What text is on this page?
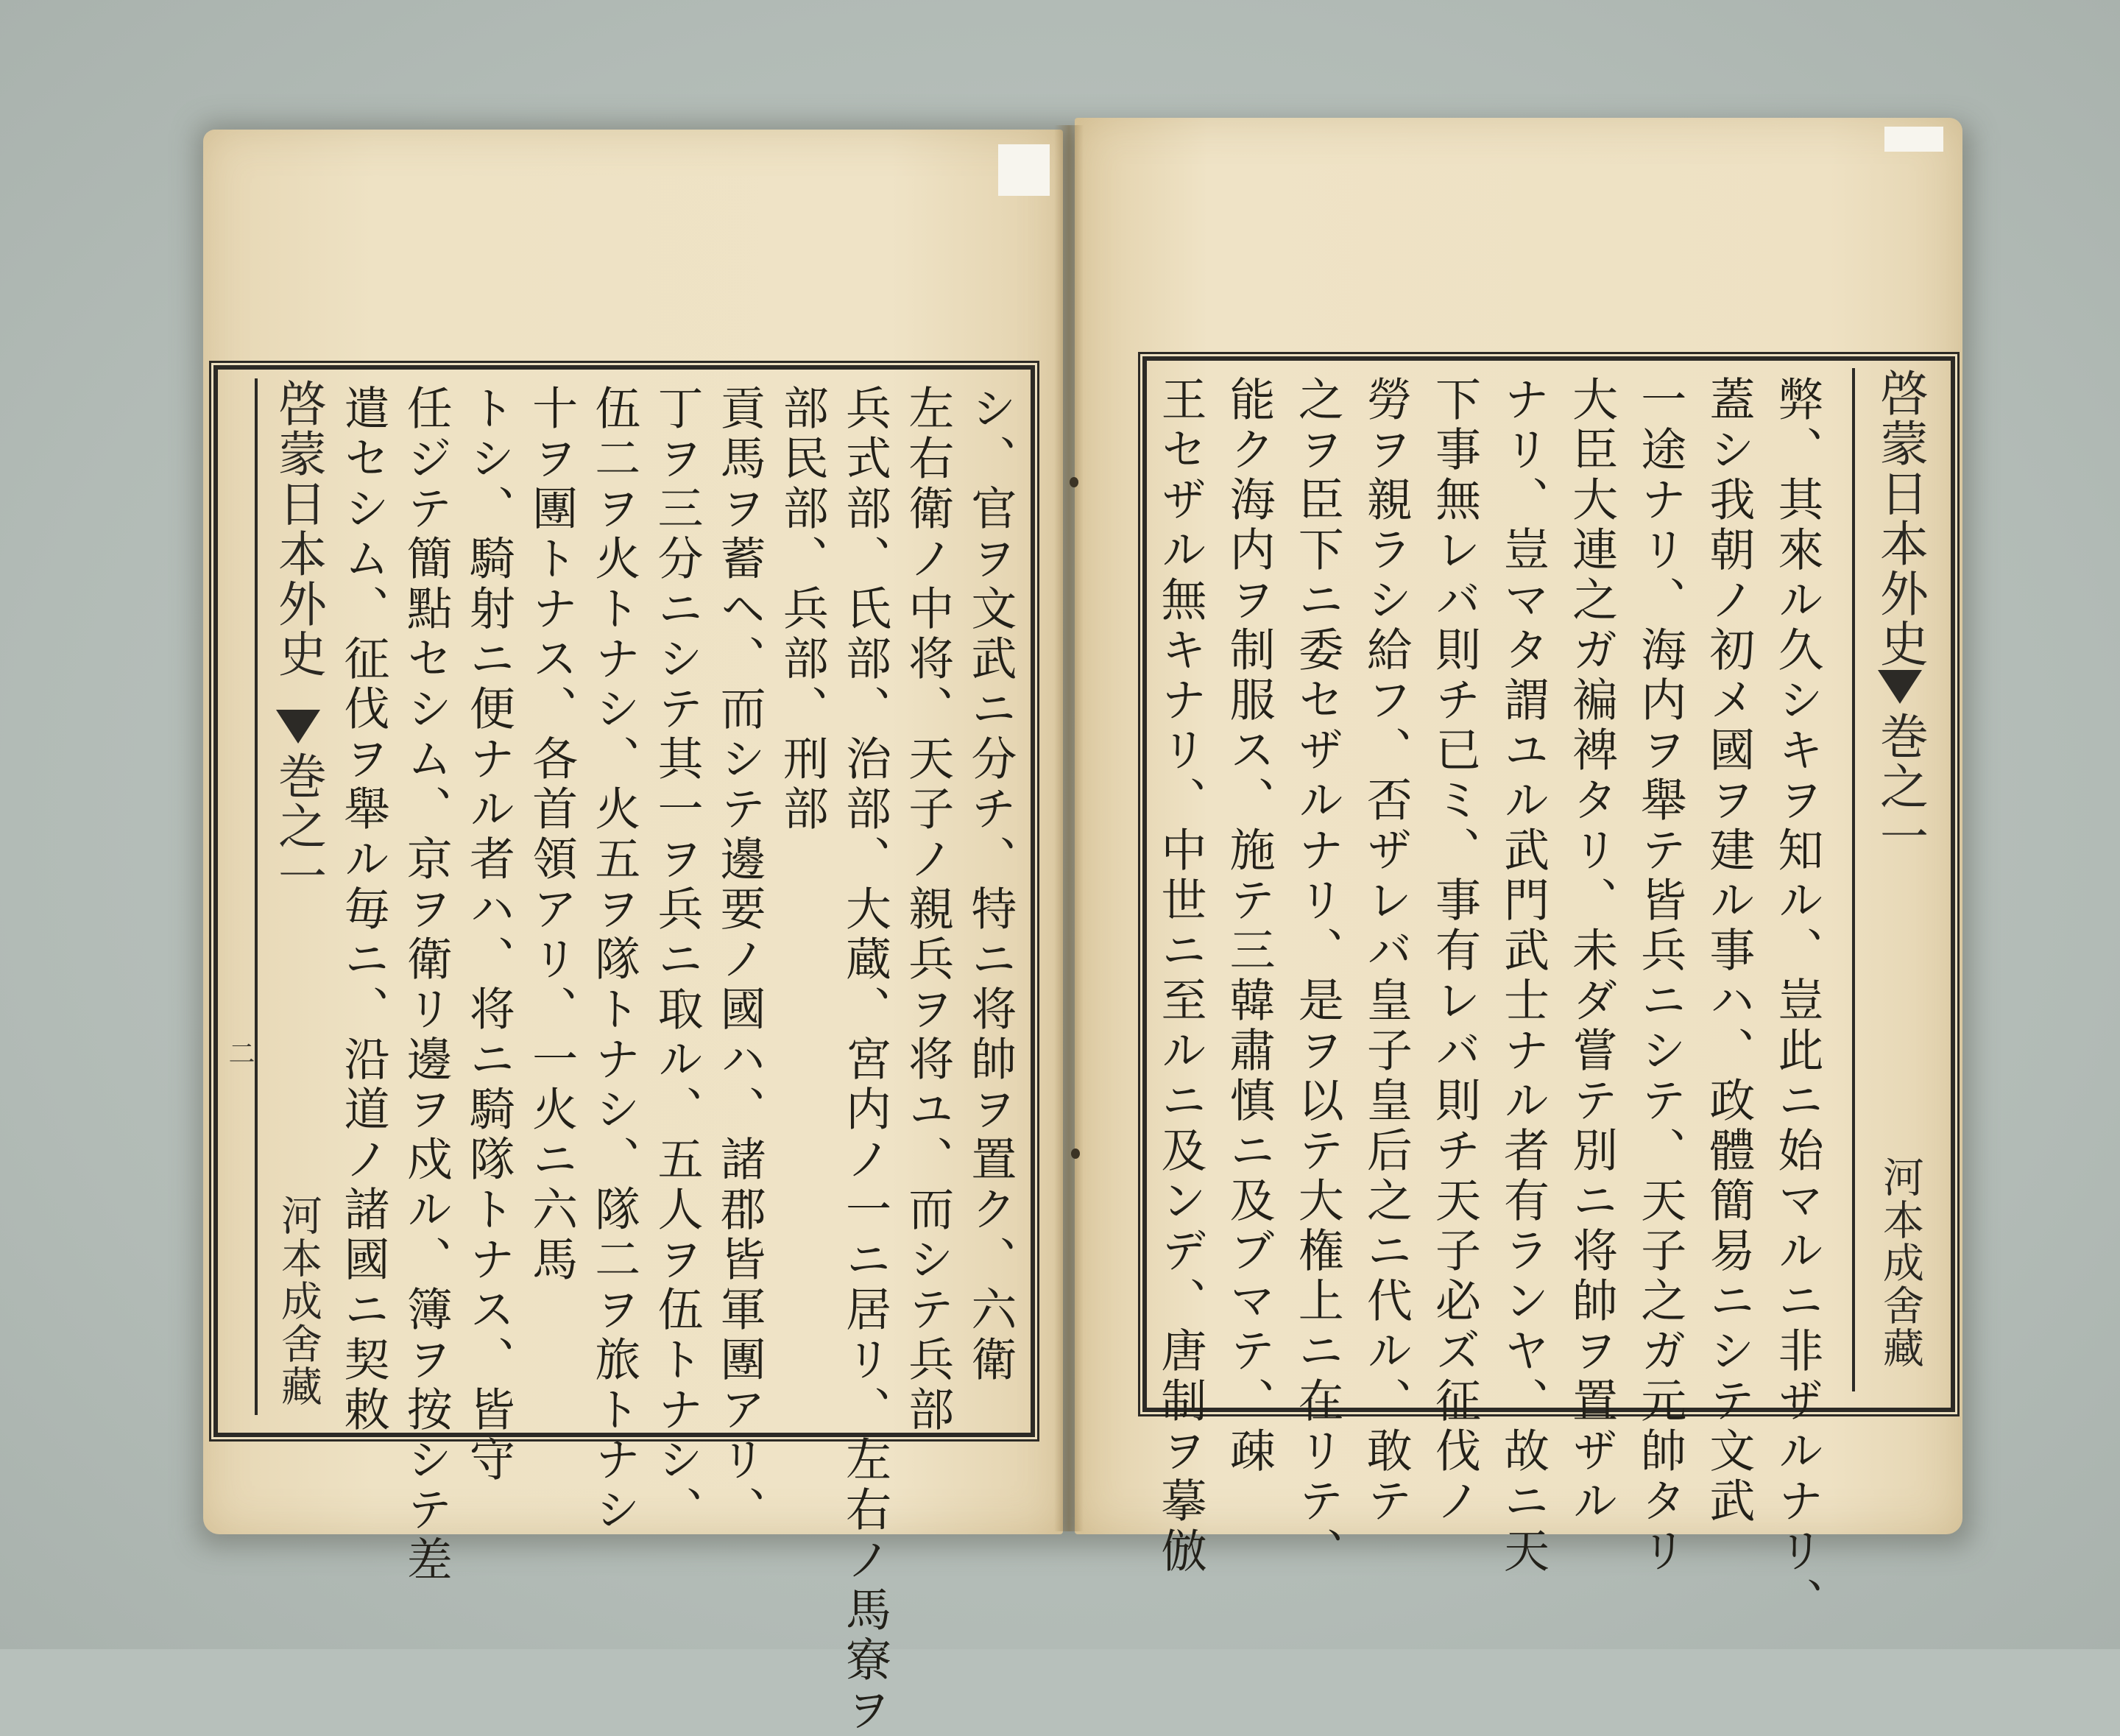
啓蒙日本外史
巻之一
河本成舍藏
二	シ、官ヲ文武ニ分チ、特ニ将帥ヲ置ク、六衛
左右衛ノ中将、天子ノ親兵ヲ将ユ、而シテ兵部
兵式部、氏部、治部、大蔵、宮内ノ一ニ居リ、左右ノ馬寮ヲ
部民部、兵部、刑部
貢馬ヲ蓄ヘ、而シテ邊要ノ國ハ、諸郡皆軍團アリ、
丁ヲ三分ニシテ其一ヲ兵ニ取ル、五人ヲ伍トナシ、
伍二ヲ火トナシ、火五ヲ隊トナシ、隊二ヲ旅トナシ
十ヲ團トナス、各首領アリ、一火ニ六馬
トシ、騎射ニ便ナル者ハ、将ニ騎隊トナス、皆守
任ジテ簡點セシム、京ヲ衛リ邊ヲ戍ル、簿ヲ按シテ差
遣セシム、征伐ヲ舉ル毎ニ、沿道ノ諸國ニ契敕	啓蒙日本外史
巻之一
河本成舍藏
弊、其來ル久シキヲ知ル、豈此ニ始マルニ非ザルナリ、
蓋シ我朝ノ初メ國ヲ建ル事ハ、政體簡易ニシテ文武
一途ナリ、海内ヲ舉テ皆兵ニシテ、天子之ガ元帥タリ
大臣大連之ガ褊裨タリ、未ダ嘗テ別ニ将帥ヲ置ザル
ナリ、豈マタ謂ユル武門武士ナル者有ランヤ、故ニ天
下事無レバ則チ已ミ、事有レバ則チ天子必ズ征伐ノ
勞ヲ親ラシ給フ、否ザレバ皇子皇后之ニ代ル、敢テ
之ヲ臣下ニ委セザルナリ、是ヲ以テ大権上ニ在リテ、
能ク海内ヲ制服ス、施テ三韓肅慎ニ及ブマテ、疎
王セザル無キナリ、中世ニ至ルニ及ンデ、唐制ヲ摹倣
